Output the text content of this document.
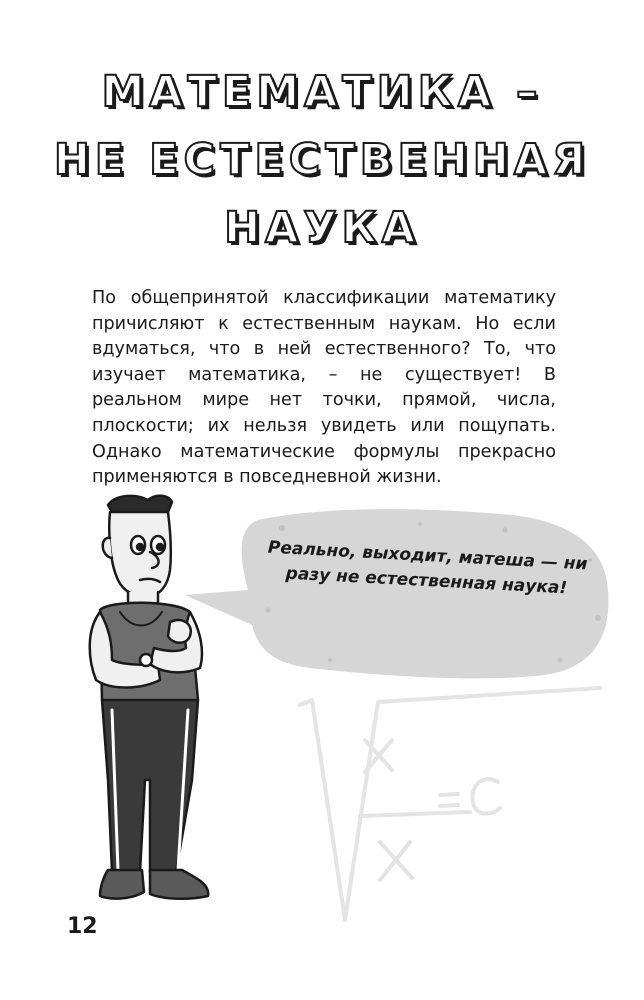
МАТЕМАТИКА –
НЕ ЕСТЕСТВЕННАЯ
НАУКА
По общепринятой классификации математику причисляют к естественным наукам. Но если вдуматься, что в ней естественного? То, что изучает математика, – не существует! В реальном мире нет точки, прямой, числа, плоскости; их нельзя увидеть или пощупать. Однако математические формулы прекрасно применяются в повседневной жизни.
Реально, выходит, матеша — ни разу не естественная наука!
12
